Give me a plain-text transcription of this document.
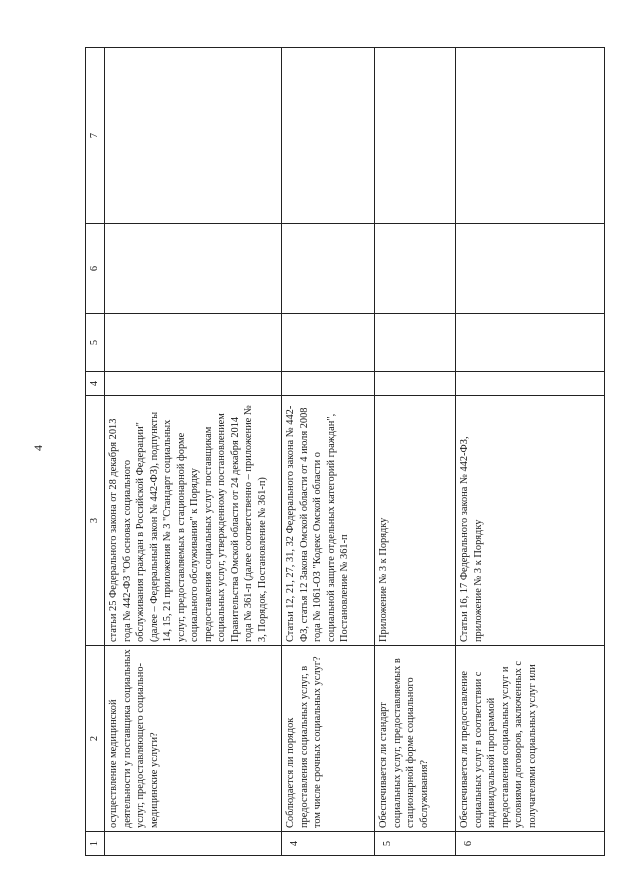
4
1	2	3	4	5	6	7
	осуществление медицинской деятельности у поставщика социальных услуг, предоставляющего социально-медицинские услуги?	статьи 25 Федерального закона от 28 декабря 2013 года № 442-ФЗ "Об основах социального обслуживания граждан в Российской Федерации" (далее – Федеральный закон № 442-ФЗ), подпункты 14, 15, 21 приложения № 3 "Стандарт социальных услуг, предоставляемых в стационарной форме социального обслуживания" к Порядку предоставления социальных услуг поставщикам социальных услуг, утвержденному постановлением Правительства Омской области от 24 декабря 2014 года № 361-п (далее соответственно – приложение № 3, Порядок, Постановление № 361-п)				
4	Соблюдается ли порядок предоставления социальных услуг, в том числе срочных социальных услуг?	Статьи 12, 21, 27, 31, 32 Федерального закона № 442-ФЗ, статья 12 Закона Омской области от 4 июля 2008 года № 1061-ОЗ "Кодекс Омской области о социальной защите отдельных категорий граждан", Постановление № 361-п				
5	Обеспечивается ли стандарт социальных услуг, предоставляемых в стационарной форме социального обслуживания?	Приложение № 3 к Порядку				
6	Обеспечивается ли предоставление социальных услуг в соответствии с индивидуальной программой предоставления социальных услуг и условиями договоров, заключенных с получателями социальных услуг или	Статьи 16, 17 Федерального закона № 442-ФЗ, приложение № 3 к Порядку				
